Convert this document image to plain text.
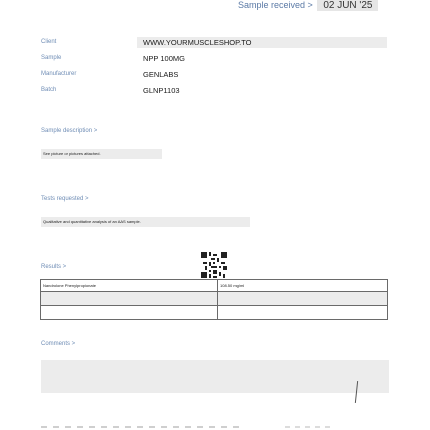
Sample received > 02 JUN '25
Client	WWW.YOURMUSCLESHOP.TO
Sample	NPP 100MG
Manufacturer	GENLABS
Batch	GLNP1103
Sample description >
See picture or pictures attached.
Tests requested >
Qualitative and quantitative analysis of an AAS sample.
Results >
Nandrolone Phenylpropionate	108.50 mg/ml

Comments >
